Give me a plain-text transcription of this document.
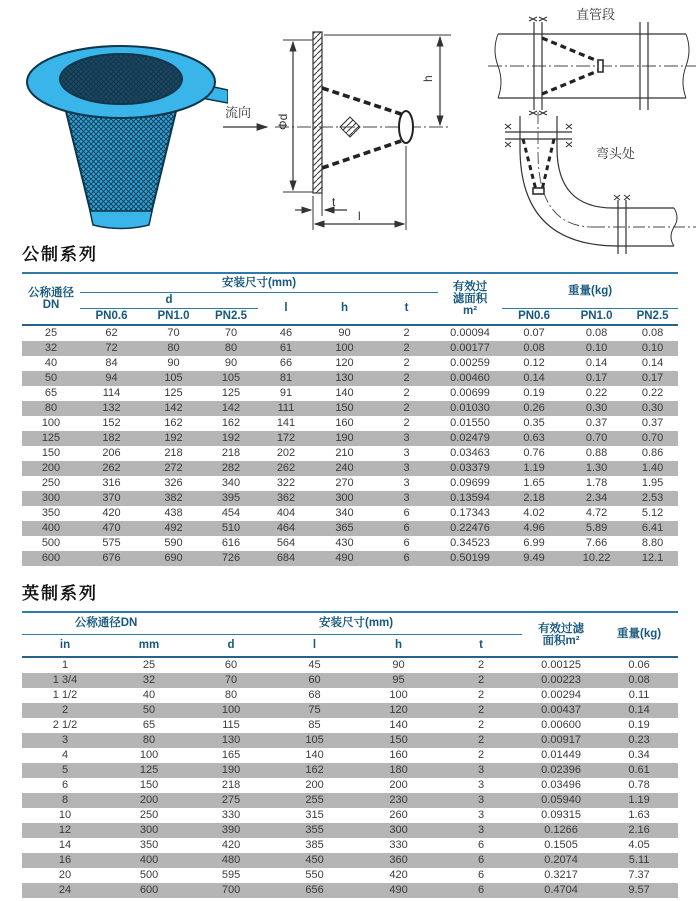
流向
Φd
h
t
l
直管段
弯头处
公制系列
公称通径
DN	安装尺寸(mm)						有效过
滤面积
m²	重量(kg)		
	d			l	h	t				
	PN0.6	PN1.0	PN2.5					PN0.6	PN1.0	PN2.5
25	62	70	70	46	90	2	0.00094	0.07	0.08	0.08
32	72	80	80	61	100	2	0.00177	0.08	0.10	0.10
40	84	90	90	66	120	2	0.00259	0.12	0.14	0.14
50	94	105	105	81	130	2	0.00460	0.14	0.17	0.17
65	114	125	125	91	140	2	0.00699	0.19	0.22	0.22
80	132	142	142	111	150	2	0.01030	0.26	0.30	0.30
100	152	162	162	141	160	2	0.01550	0.35	0.37	0.37
125	182	192	192	172	190	3	0.02479	0.63	0.70	0.70
150	206	218	218	202	210	3	0.03463	0.76	0.88	0.86
200	262	272	282	262	240	3	0.03379	1.19	1.30	1.40
250	316	326	340	322	270	3	0.09699	1.65	1.78	1.95
300	370	382	395	362	300	3	0.13594	2.18	2.34	2.53
350	420	438	454	404	340	6	0.17343	4.02	4.72	5.12
400	470	492	510	464	365	6	0.22476	4.96	5.89	6.41
500	575	590	616	564	430	6	0.34523	6.99	7.66	8.80
600	676	690	726	684	490	6	0.50199	9.49	10.22	12.1
英制系列
公称通径DN		安装尺寸(mm)				有效过滤
面积m²	重量(kg)
in	mm	d	l	h	t		
1	25	60	45	90	2	0.00125	0.06
1 3/4	32	70	60	95	2	0.00223	0.08
1 1/2	40	80	68	100	2	0.00294	0.11
2	50	100	75	120	2	0.00437	0.14
2 1/2	65	115	85	140	2	0.00600	0.19
3	80	130	105	150	2	0.00917	0.23
4	100	165	140	160	2	0.01449	0.34
5	125	190	162	180	3	0.02396	0.61
6	150	218	200	200	3	0.03496	0.78
8	200	275	255	230	3	0.05940	1.19
10	250	330	315	260	3	0.09315	1.63
12	300	390	355	300	3	0.1266	2.16
14	350	420	385	330	6	0.1505	4.05
16	400	480	450	360	6	0.2074	5.11
20	500	595	550	420	6	0.3217	7.37
24	600	700	656	490	6	0.4704	9.57
